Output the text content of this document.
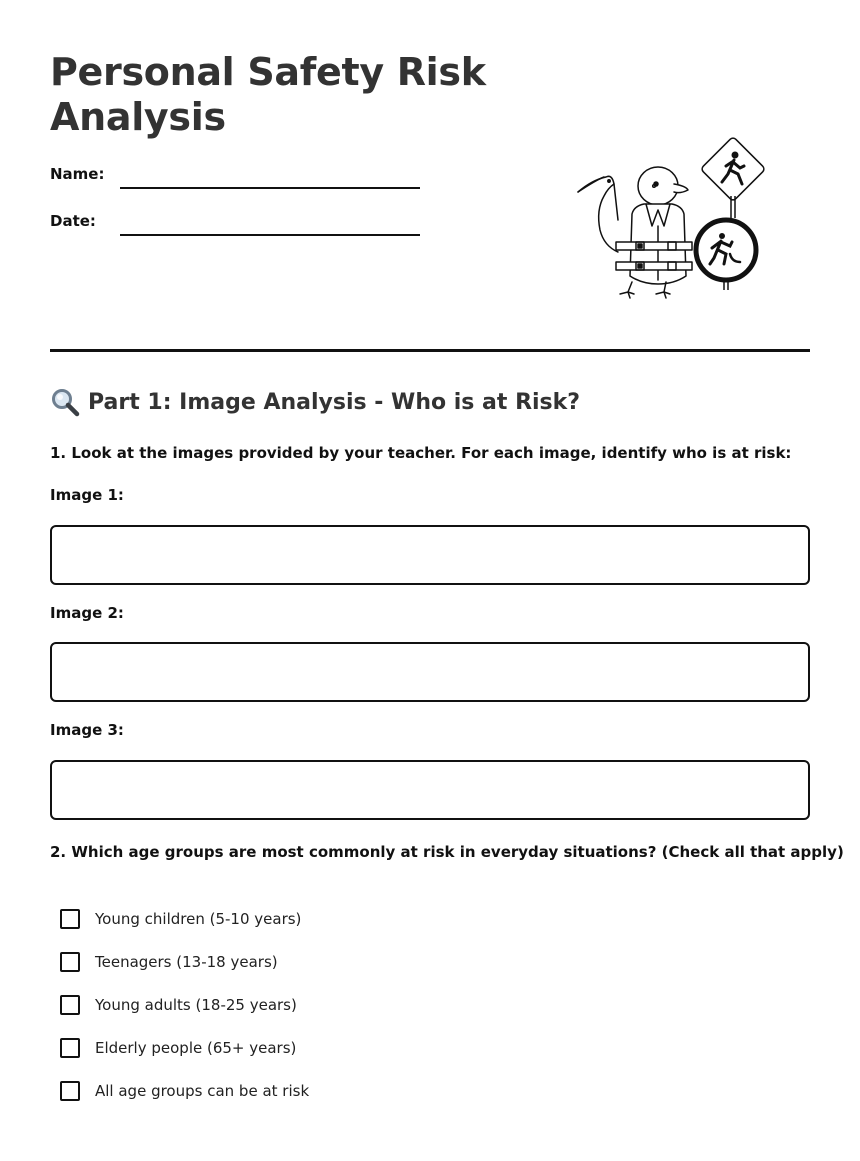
Personal Safety Risk
Analysis
Name:
Date:
Part 1: Image Analysis - Who is at Risk?
1. Look at the images provided by your teacher. For each image, identify who is at risk:
Image 1:
Image 2:
Image 3:
2. Which age groups are most commonly at risk in everyday situations? (Check all that apply)
Young children (5-10 years)
Teenagers (13-18 years)
Young adults (18-25 years)
Elderly people (65+ years)
All age groups can be at risk
